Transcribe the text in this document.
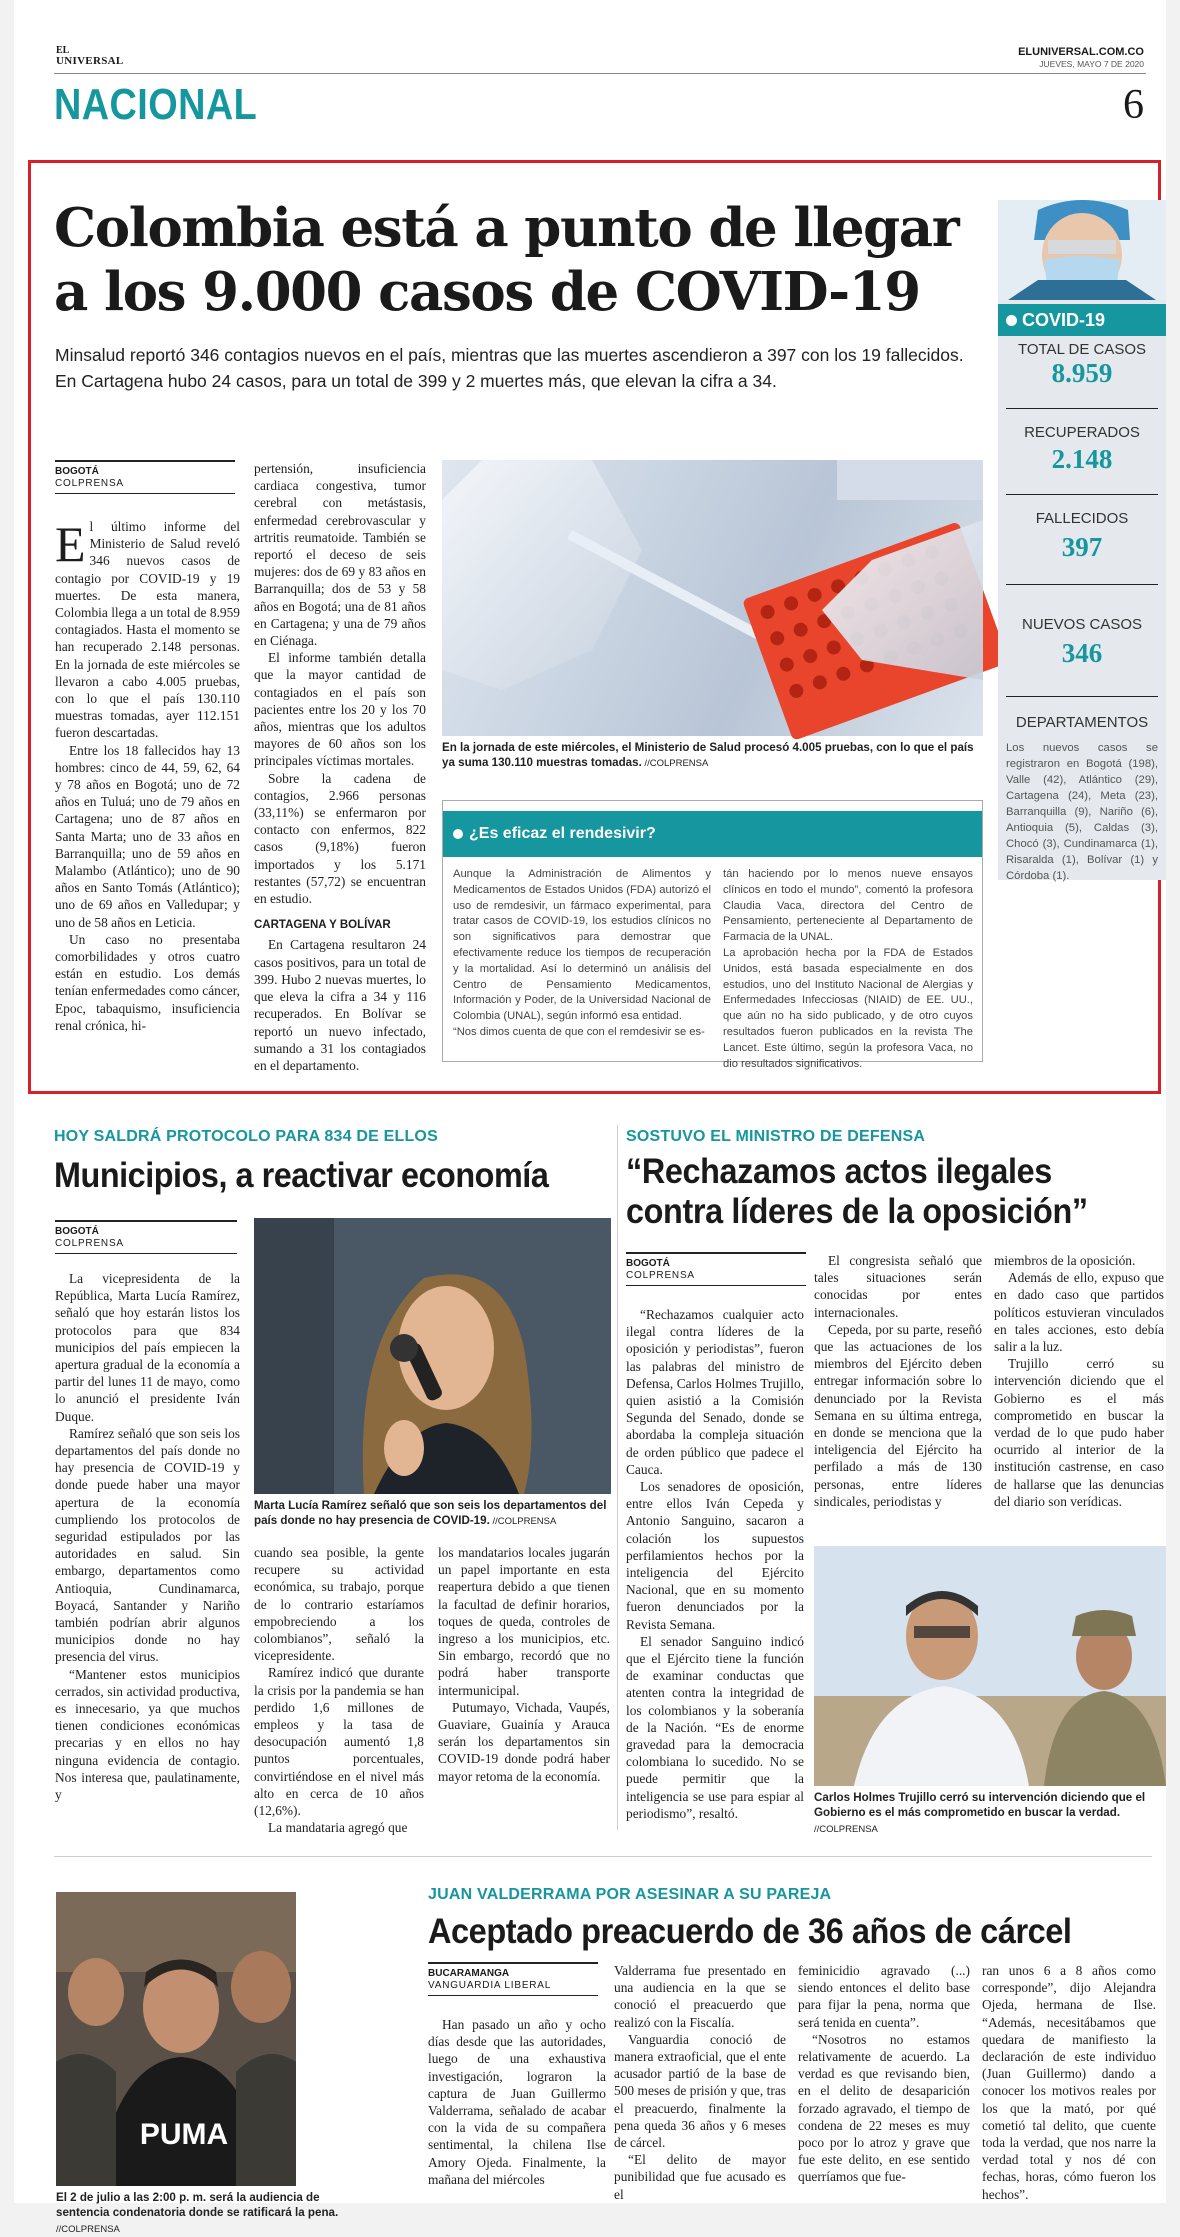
EL
UNIVERSAL
ELUNIVERSAL.COM.CO
JUEVES, MAYO 7 DE 2020
NACIONAL	6
Colombia está a punto de llegar
a los 9.000 casos de COVID-19
Minsalud reportó 346 contagios nuevos en el país, mientras que las muertes ascendieron a 397 con los 19 fallecidos. En Cartagena hubo 24 casos, para un total de 399 y 2 muertes más, que elevan la cifra a 34.
BOGOTÁ
COLPRENSA

El último informe del Ministerio de Salud reveló 346 nuevos casos de contagio por COVID-19 y 19 muertes. De esta manera, Colombia llega a un total de 8.959 contagiados. Hasta el momento se han recuperado 2.148 personas. En la jornada de este miércoles se llevaron a cabo 4.005 pruebas, con lo que el país 130.110 muestras tomadas, ayer 112.151 fueron descartadas.

Entre los 18 fallecidos hay 13 hombres: cinco de 44, 59, 62, 64 y 78 años en Bogotá; uno de 72 años en Tuluá; uno de 79 años en Cartagena; uno de 87 años en Santa Marta; uno de 33 años en Barranquilla; uno de 59 años en Malambo (Atlántico); uno de 90 años en Santo Tomás (Atlántico); uno de 69 años en Valledupar; y uno de 58 años en Leticia.

Un caso no presentaba comorbilidades y otros cuatro están en estudio. Los demás tenían enfermedades como cáncer, Epoc, tabaquismo, insuficiencia renal crónica, hi-

pertensión, insuficiencia cardiaca congestiva, tumor cerebral con metástasis, enfermedad cerebrovascular y artritis reumatoide. También se reportó el deceso de seis mujeres: dos de 69 y 83 años en Barranquilla; dos de 53 y 58 años en Bogotá; una de 81 años en Cartagena; y una de 79 años en Ciénaga.

El informe también detalla que la mayor cantidad de contagiados en el país son pacientes entre los 20 y los 70 años, mientras que los adultos mayores de 60 años son los principales víctimas mortales.

Sobre la cadena de contagios, 2.966 personas (33,11%) se enfermaron por contacto con enfermos, 822 casos (9,18%) fueron importados y los 5.171 restantes (57,72) se encuentran en estudio.

CARTAGENA Y BOLÍVAR

En Cartagena resultaron 24 casos positivos, para un total de 399. Hubo 2 nuevas muertes, lo que eleva la cifra a 34 y 116 recuperados. En Bolívar se reportó un nuevo infectado, sumando a 31 los contagiados en el departamento.

En la jornada de este miércoles, el Ministerio de Salud procesó 4.005 pruebas, con lo que el país ya suma 130.110 muestras tomadas. //COLPRENSA
¿Es eficaz el rendesivir?
Aunque la Administración de Alimentos y Medicamentos de Estados Unidos (FDA) autorizó el uso de remdesivir, un fármaco experimental, para tratar casos de COVID-19, los estudios clínicos no son significativos para demostrar que efectivamente reduce los tiempos de recuperación y la mortalidad. Así lo determinó un análisis del Centro de Pensamiento Medicamentos, Información y Poder, de la Universidad Nacional de Colombia (UNAL), según informó esa entidad.
“Nos dimos cuenta de que con el remdesivir se es-
tán haciendo por lo menos nueve ensayos clínicos en todo el mundo”, comentó la profesora Claudia Vaca, directora del Centro de Pensamiento, perteneciente al Departamento de Farmacia de la UNAL.
La aprobación hecha por la FDA de Estados Unidos, está basada especialmente en dos estudios, uno del Instituto Nacional de Alergias y Enfermedades Infecciosas (NIAID) de EE. UU., que aún no ha sido publicado, y de otro cuyos resultados fueron publicados en la revista The Lancet. Este último, según la profesora Vaca, no dio resultados significativos.
COVID-19
TOTAL DE CASOS
8.959
RECUPERADOS
2.148
FALLECIDOS
397
NUEVOS CASOS
346
DEPARTAMENTOS
Los nuevos casos se registraron en Bogotá (198), Valle (42), Atlántico (29), Cartagena (24), Meta (23), Barranquilla (9), Nariño (6), Antioquia (5), Caldas (3), Chocó (3), Cundinamarca (1), Risaralda (1), Bolívar (1) y Córdoba (1).
HOY SALDRÁ PROTOCOLO PARA 834 DE ELLOS
Municipios, a reactivar economía
BOGOTÁ
COLPRENSA

La vicepresidenta de la República, Marta Lucía Ramírez, señaló que hoy estarán listos los protocolos para que 834 municipios del país empiecen la apertura gradual de la economía a partir del lunes 11 de mayo, como lo anunció el presidente Iván Duque.

Ramírez señaló que son seis los departamentos del país donde no hay presencia de COVID-19 y donde puede haber una mayor apertura de la economía cumpliendo los protocolos de seguridad estipulados por las autoridades en salud. Sin embargo, departamentos como Antioquia, Cundinamarca, Boyacá, Santander y Nariño también podrían abrir algunos municipios donde no hay presencia del virus.

“Mantener estos municipios cerrados, sin actividad productiva, es innecesario, ya que muchos tienen condiciones económicas precarias y en ellos no hay ninguna evidencia de contagio. Nos interesa que, paulatinamente, y

Marta Lucía Ramírez señaló que son seis los departamentos del país donde no hay presencia de COVID-19. //COLPRENSA

cuando sea posible, la gente recupere su actividad económica, su trabajo, porque de lo contrario estaríamos empobreciendo a los colombianos”, señaló la vicepresidente.

Ramírez indicó que durante la crisis por la pandemia se han perdido 1,6 millones de empleos y la tasa de desocupación aumentó 1,8 puntos porcentuales, convirtiéndose en el nivel más alto en cerca de 10 años (12,6%).

La mandataria agregó que

los mandatarios locales jugarán un papel importante en esta reapertura debido a que tienen la facultad de definir horarios, toques de queda, controles de ingreso a los municipios, etc. Sin embargo, recordó que no podrá haber transporte intermunicipal.

Putumayo, Vichada, Vaupés, Guaviare, Guainía y Arauca serán los departamentos sin COVID-19 donde podrá haber mayor retoma de la economía.

SOSTUVO EL MINISTRO DE DEFENSA
“Rechazamos actos ilegales
contra líderes de la oposición”
BOGOTÁ
COLPRENSA

“Rechazamos cualquier acto ilegal contra líderes de la oposición y periodistas”, fueron las palabras del ministro de Defensa, Carlos Holmes Trujillo, quien asistió a la Comisión Segunda del Senado, donde se abordaba la compleja situación de orden público que padece el Cauca.

Los senadores de oposición, entre ellos Iván Cepeda y Antonio Sanguino, sacaron a colación los supuestos perfilamientos hechos por la inteligencia del Ejército Nacional, que en su momento fueron denunciados por la Revista Semana.

El senador Sanguino indicó que el Ejército tiene la función de examinar conductas que atenten contra la integridad de los colombianos y la soberanía de la Nación. “Es de enorme gravedad para la democracia colombiana lo sucedido. No se puede permitir que la inteligencia se use para espiar al periodismo”, resaltó.

El congresista señaló que tales situaciones serán conocidas por entes internacionales.

Cepeda, por su parte, reseñó que las actuaciones de los miembros del Ejército deben entregar información sobre lo denunciado por la Revista Semana en su última entrega, en donde se menciona que la inteligencia del Ejército ha perfilado a más de 130 personas, entre líderes sindicales, periodistas y

miembros de la oposición.

Además de ello, expuso que en dado caso que partidos políticos estuvieran vinculados en tales acciones, esto debía salir a la luz.

Trujillo cerró su intervención diciendo que el Gobierno es el más comprometido en buscar la verdad de lo que pudo haber ocurrido al interior de la institución castrense, en caso de hallarse que las denuncias del diario son verídicas.

Carlos Holmes Trujillo cerró su intervención diciendo que el Gobierno es el más comprometido en buscar la verdad. //COLPRENSA
PUMA
El 2 de julio a las 2:00 p. m. será la audiencia de sentencia condenatoria donde se ratificará la pena. //COLPRENSA
JUAN VALDERRAMA POR ASESINAR A SU PAREJA
Aceptado preacuerdo de 36 años de cárcel
BUCARAMANGA
VANGUARDIA LIBERAL

Han pasado un año y ocho días desde que las autoridades, luego de una exhaustiva investigación, lograron la captura de Juan Guillermo Valderrama, señalado de acabar con la vida de su compañera sentimental, la chilena Ilse Amory Ojeda. Finalmente, la mañana del miércoles

Valderrama fue presentado en una audiencia en la que se conoció el preacuerdo que realizó con la Fiscalía.

Vanguardia conoció de manera extraoficial, que el ente acusador partió de la base de 500 meses de prisión y que, tras el preacuerdo, finalmente la pena queda 36 años y 6 meses de cárcel.

“El delito de mayor punibilidad que fue acusado es el

feminicidio agravado (...) siendo entonces el delito base para fijar la pena, norma que será tenida en cuenta”.

“Nosotros no estamos relativamente de acuerdo. La verdad es que revisando bien, en el delito de desaparición forzado agravado, el tiempo de condena de 22 meses es muy poco por lo atroz y grave que fue este delito, en ese sentido querríamos que fue-

ran unos 6 a 8 años como corresponde”, dijo Alejandra Ojeda, hermana de Ilse. “Además, necesitábamos que quedara de manifiesto la declaración de este individuo (Juan Guillermo) dando a conocer los motivos reales por los que la mató, por qué cometió tal delito, que cuente toda la verdad, que nos narre la verdad total y nos dé con fechas, horas, cómo fueron los hechos”.
